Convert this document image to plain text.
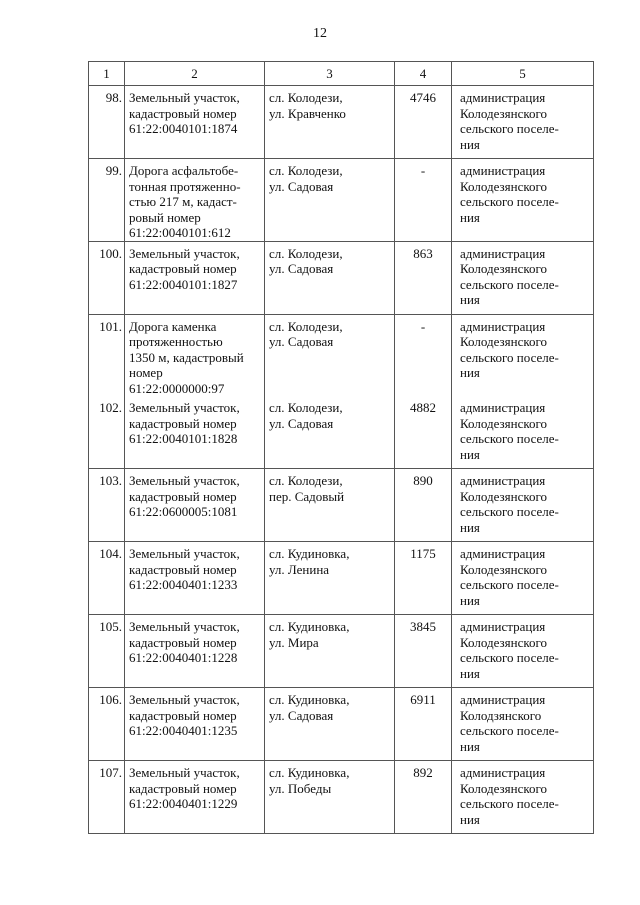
12
1	2	3	4	5
98.	Земельный участок,
кадастровый номер
61:22:0040101:1874	сл. Колодези,
ул. Кравченко	4746	администрация
Колодезянского
сельского поселе-
ния
99.	Дорога асфальтобе-
тонная протяженно-
стью 217 м, кадаст-
ровый номер
61:22:0040101:612	сл. Колодези,
ул. Садовая	-	администрация
Колодезянского
сельского поселе-
ния
100.	Земельный участок,
кадастровый номер
61:22:0040101:1827	сл. Колодези,
ул. Садовая	863	администрация
Колодезянского
сельского поселе-
ния
101.	Дорога каменка
протяженностью
1350 м, кадастровый
номер
61:22:0000000:97	сл. Колодези,
ул. Садовая	-	администрация
Колодезянского
сельского поселе-
ния
102.	Земельный участок,
кадастровый номер
61:22:0040101:1828	сл. Колодези,
ул. Садовая	4882	администрация
Колодезянского
сельского поселе-
ния
103.	Земельный участок,
кадастровый номер
61:22:0600005:1081	сл. Колодези,
пер. Садовый	890	администрация
Колодезянского
сельского поселе-
ния
104.	Земельный участок,
кадастровый номер
61:22:0040401:1233	сл. Кудиновка,
ул. Ленина	1175	администрация
Колодезянского
сельского поселе-
ния
105.	Земельный участок,
кадастровый номер
61:22:0040401:1228	сл. Кудиновка,
ул. Мира	3845	администрация
Колодезянского
сельского поселе-
ния
106.	Земельный участок,
кадастровый номер
61:22:0040401:1235	сл. Кудиновка,
ул. Садовая	6911	администрация
Колодзянского
сельского поселе-
ния
107.	Земельный участок,
кадастровый номер
61:22:0040401:1229	сл. Кудиновка,
ул. Победы	892	администрация
Колодезянского
сельского поселе-
ния
